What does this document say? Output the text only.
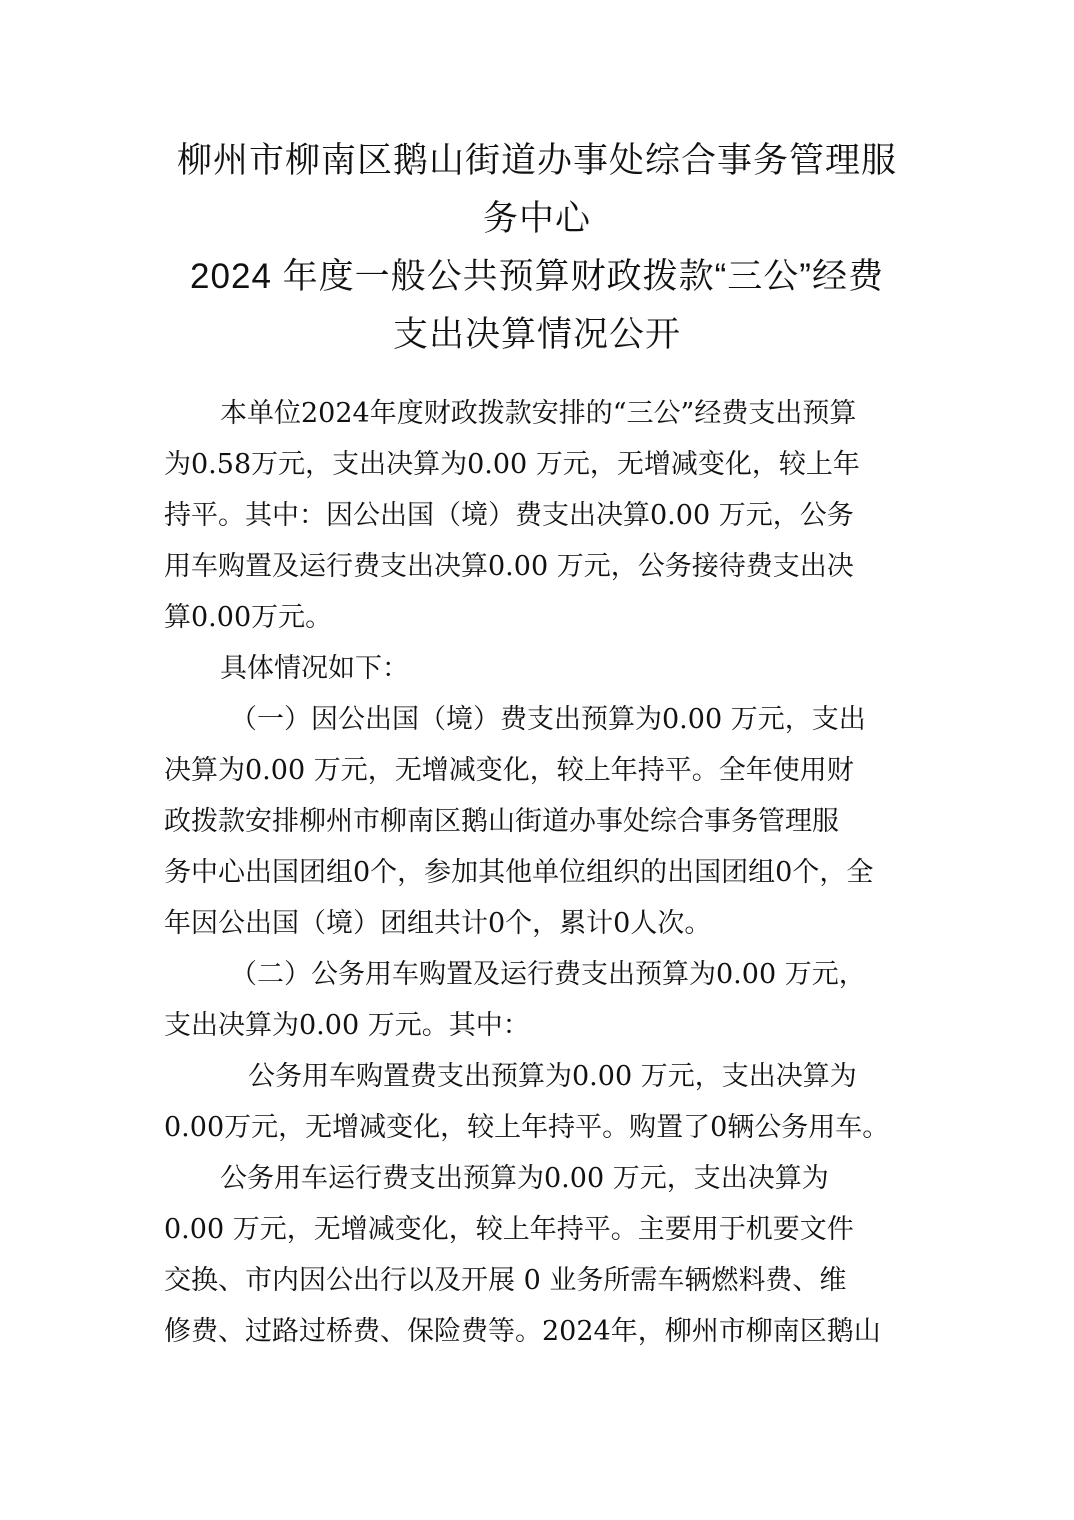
柳州市柳南区鹅山街道办事处综合事务管理服
务中心
2024 年度一般公共预算财政拨款“三公”经费
支出决算情况公开
本单位2024年度财政拨款安排的“三公”经费支出预算
为0.58万元，支出决算为0.00 万元，无增减变化，较上年
持平。其中：因公出国（境）费支出决算0.00 万元，公务
用车购置及运行费支出决算0.00 万元，公务接待费支出决
算0.00万元。
具体情况如下：
（一）因公出国（境）费支出预算为0.00 万元，支出
决算为0.00 万元，无增减变化，较上年持平。全年使用财
政拨款安排柳州市柳南区鹅山街道办事处综合事务管理服
务中心出国团组0个，参加其他单位组织的出国团组0个，全
年因公出国（境）团组共计0个，累计0人次。
（二）公务用车购置及运行费支出预算为0.00 万元，
支出决算为0.00 万元。其中：
公务用车购置费支出预算为0.00 万元，支出决算为
0.00万元，无增减变化，较上年持平。购置了0辆公务用车。
公务用车运行费支出预算为0.00 万元，支出决算为
0.00 万元，无增减变化，较上年持平。主要用于机要文件
交换、市内因公出行以及开展 0 业务所需车辆燃料费、维
修费、过路过桥费、保险费等。2024年，柳州市柳南区鹅山
